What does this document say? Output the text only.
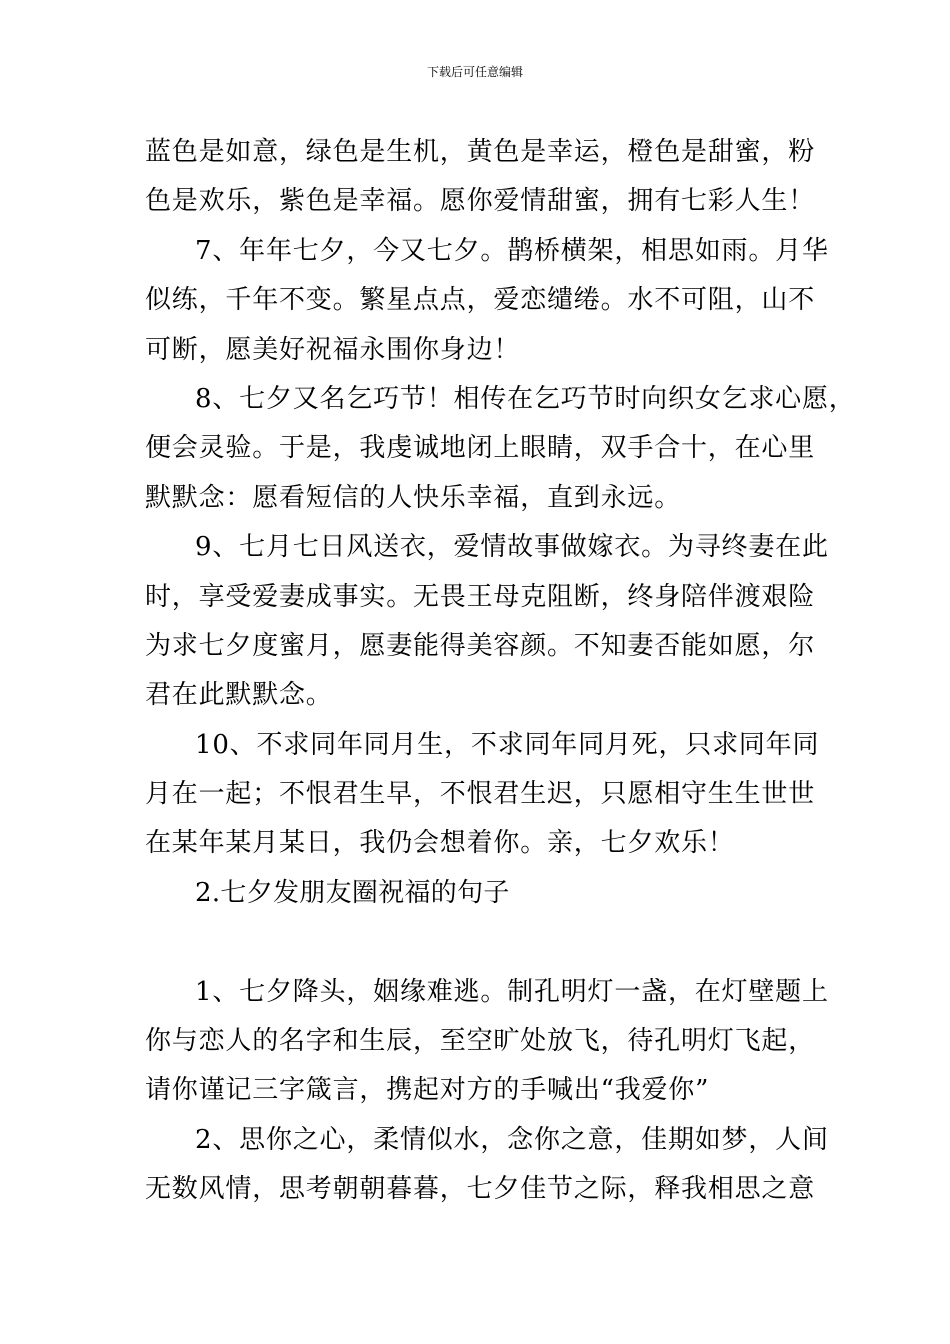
下载后可任意编辑
蓝色是如意，绿色是生机，黄色是幸运，橙色是甜蜜，粉
色是欢乐，紫色是幸福。愿你爱情甜蜜，拥有七彩人生！
7、年年七夕，今又七夕。鹊桥横架，相思如雨。月华
似练，千年不变。繁星点点，爱恋缱绻。水不可阻，山不
可断，愿美好祝福永围你身边！
8、七夕又名乞巧节！相传在乞巧节时向织女乞求心愿，
便会灵验。于是，我虔诚地闭上眼睛，双手合十，在心里
默默念：愿看短信的人快乐幸福，直到永远。
9、七月七日风送衣，爱情故事做嫁衣。为寻终妻在此
时，享受爱妻成事实。无畏王母克阻断，终身陪伴渡艰险
为求七夕度蜜月，愿妻能得美容颜。不知妻否能如愿，尔
君在此默默念。
10、不求同年同月生，不求同年同月死，只求同年同
月在一起；不恨君生早，不恨君生迟，只愿相守生生世世
在某年某月某日，我仍会想着你。亲，七夕欢乐！
2.七夕发朋友圈祝福的句子
1、七夕降头，姻缘难逃。制孔明灯一盏，在灯壁题上
你与恋人的名字和生辰，至空旷处放飞，待孔明灯飞起，
请你谨记三字箴言，携起对方的手喊出“我爱你”
2、思你之心，柔情似水，念你之意，佳期如梦，人间
无数风情，思考朝朝暮暮，七夕佳节之际，释我相思之意
